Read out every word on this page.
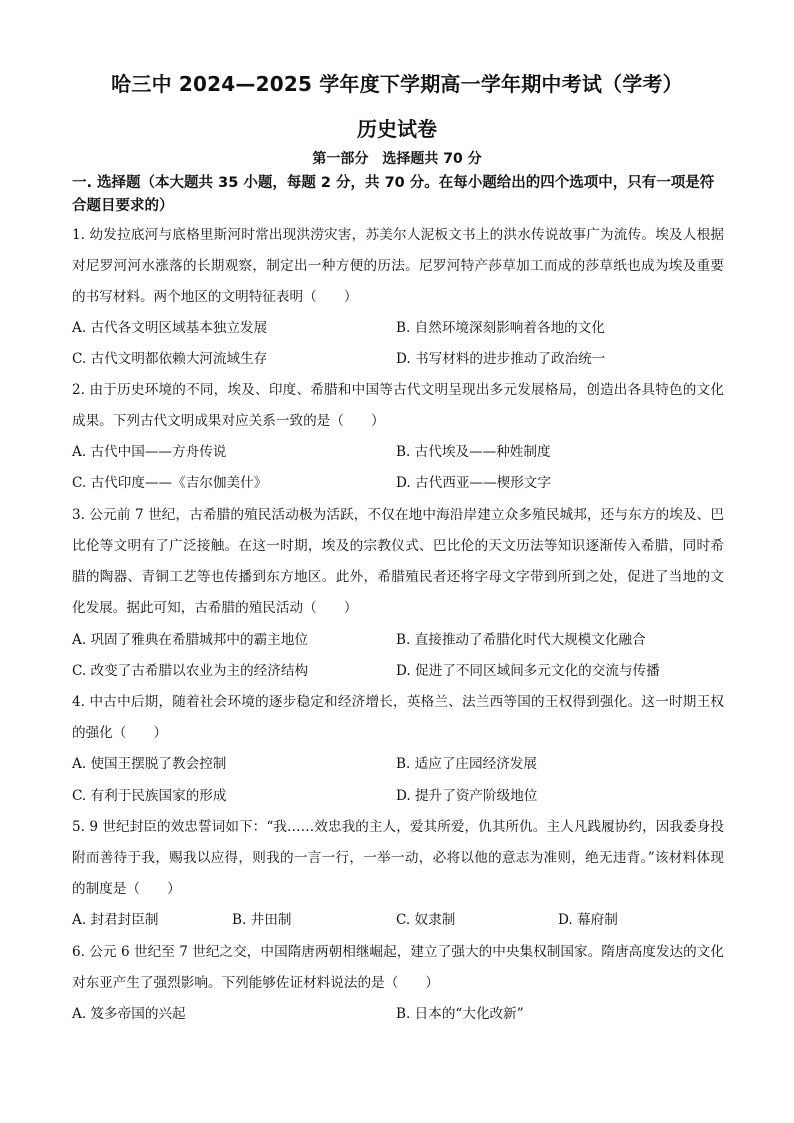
哈三中 2024—2025 学年度下学期高一学年期中考试（学考）
历史试卷
第一部分　选择题共 70 分
一. 选择题（本大题共 35 小题，每题 2 分，共 70 分。在每小题给出的四个选项中，只有一项是符合题目要求的）
1. 幼发拉底河与底格里斯河时常出现洪涝灾害，苏美尔人泥板文书上的洪水传说故事广为流传。埃及人根据对尼罗河河水涨落的长期观察，制定出一种方便的历法。尼罗河特产莎草加工而成的莎草纸也成为埃及重要的书写材料。两个地区的文明特征表明（　　）
A. 古代各文明区域基本独立发展	B. 自然环境深刻影响着各地的文化
C. 古代文明都依赖大河流域生存	D. 书写材料的进步推动了政治统一
2. 由于历史环境的不同，埃及、印度、希腊和中国等古代文明呈现出多元发展格局，创造出各具特色的文化成果。下列古代文明成果对应关系一致的是（　　）
A. 古代中国——方舟传说	B. 古代埃及——种姓制度
C. 古代印度——《吉尔伽美什》	D. 古代西亚——楔形文字
3. 公元前 7 世纪，古希腊的殖民活动极为活跃，不仅在地中海沿岸建立众多殖民城邦，还与东方的埃及、巴比伦等文明有了广泛接触。在这一时期，埃及的宗教仪式、巴比伦的天文历法等知识逐渐传入希腊，同时希腊的陶器、青铜工艺等也传播到东方地区。此外，希腊殖民者还将字母文字带到所到之处，促进了当地的文化发展。据此可知，古希腊的殖民活动（　　）
A. 巩固了雅典在希腊城邦中的霸主地位	B. 直接推动了希腊化时代大规模文化融合
C. 改变了古希腊以农业为主的经济结构	D. 促进了不同区域间多元文化的交流与传播
4. 中古中后期，随着社会环境的逐步稳定和经济增长，英格兰、法兰西等国的王权得到强化。这一时期王权的强化（　　）
A. 使国王摆脱了教会控制	B. 适应了庄园经济发展
C. 有利于民族国家的形成	D. 提升了资产阶级地位
5. 9 世纪封臣的效忠誓词如下：“我……效忠我的主人，爱其所爱，仇其所仇。主人凡践履协约，因我委身投附而善待于我，赐我以应得，则我的一言一行，一举一动，必将以他的意志为准则，绝无违背。”该材料体现的制度是（　　）
A. 封君封臣制	B. 井田制	C. 奴隶制	D. 幕府制
6. 公元 6 世纪至 7 世纪之交，中国隋唐两朝相继崛起，建立了强大的中央集权制国家。隋唐高度发达的文化对东亚产生了强烈影响。下列能够佐证材料说法的是（　　）
A. 笈多帝国的兴起	B. 日本的“大化改新”
